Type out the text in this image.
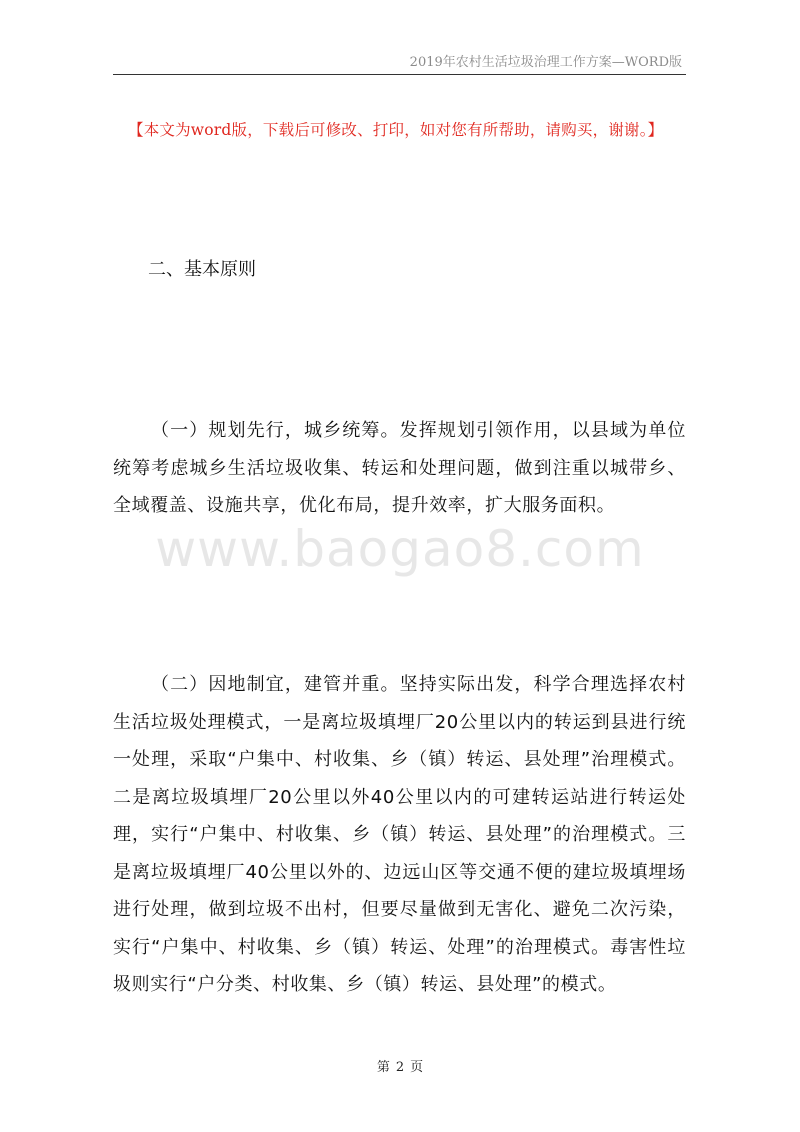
2019年农村生活垃圾治理工作方案—WORD版
www.baogao8.com
【本文为word版，下载后可修改、打印，如对您有所帮助，请购买，谢谢。】
二、基本原则
（一）规划先行，城乡统筹。发挥规划引领作用，以县域为单位统筹考虑城乡生活垃圾收集、转运和处理问题，做到注重以城带乡、全域覆盖、设施共享，优化布局，提升效率，扩大服务面积。
（二）因地制宜，建管并重。坚持实际出发，科学合理选择农村生活垃圾处理模式，一是离垃圾填埋厂20公里以内的转运到县进行统一处理，采取“户集中、村收集、乡（镇）转运、县处理”治理模式。二是离垃圾填埋厂20公里以外40公里以内的可建转运站进行转运处理，实行“户集中、村收集、乡（镇）转运、县处理”的治理模式。三是离垃圾填埋厂40公里以外的、边远山区等交通不便的建垃圾填埋场进行处理，做到垃圾不出村，但要尽量做到无害化、避免二次污染，实行“户集中、村收集、乡（镇）转运、处理”的治理模式。毒害性垃圾则实行“户分类、村收集、乡（镇）转运、县处理”的模式。
第 2 页
